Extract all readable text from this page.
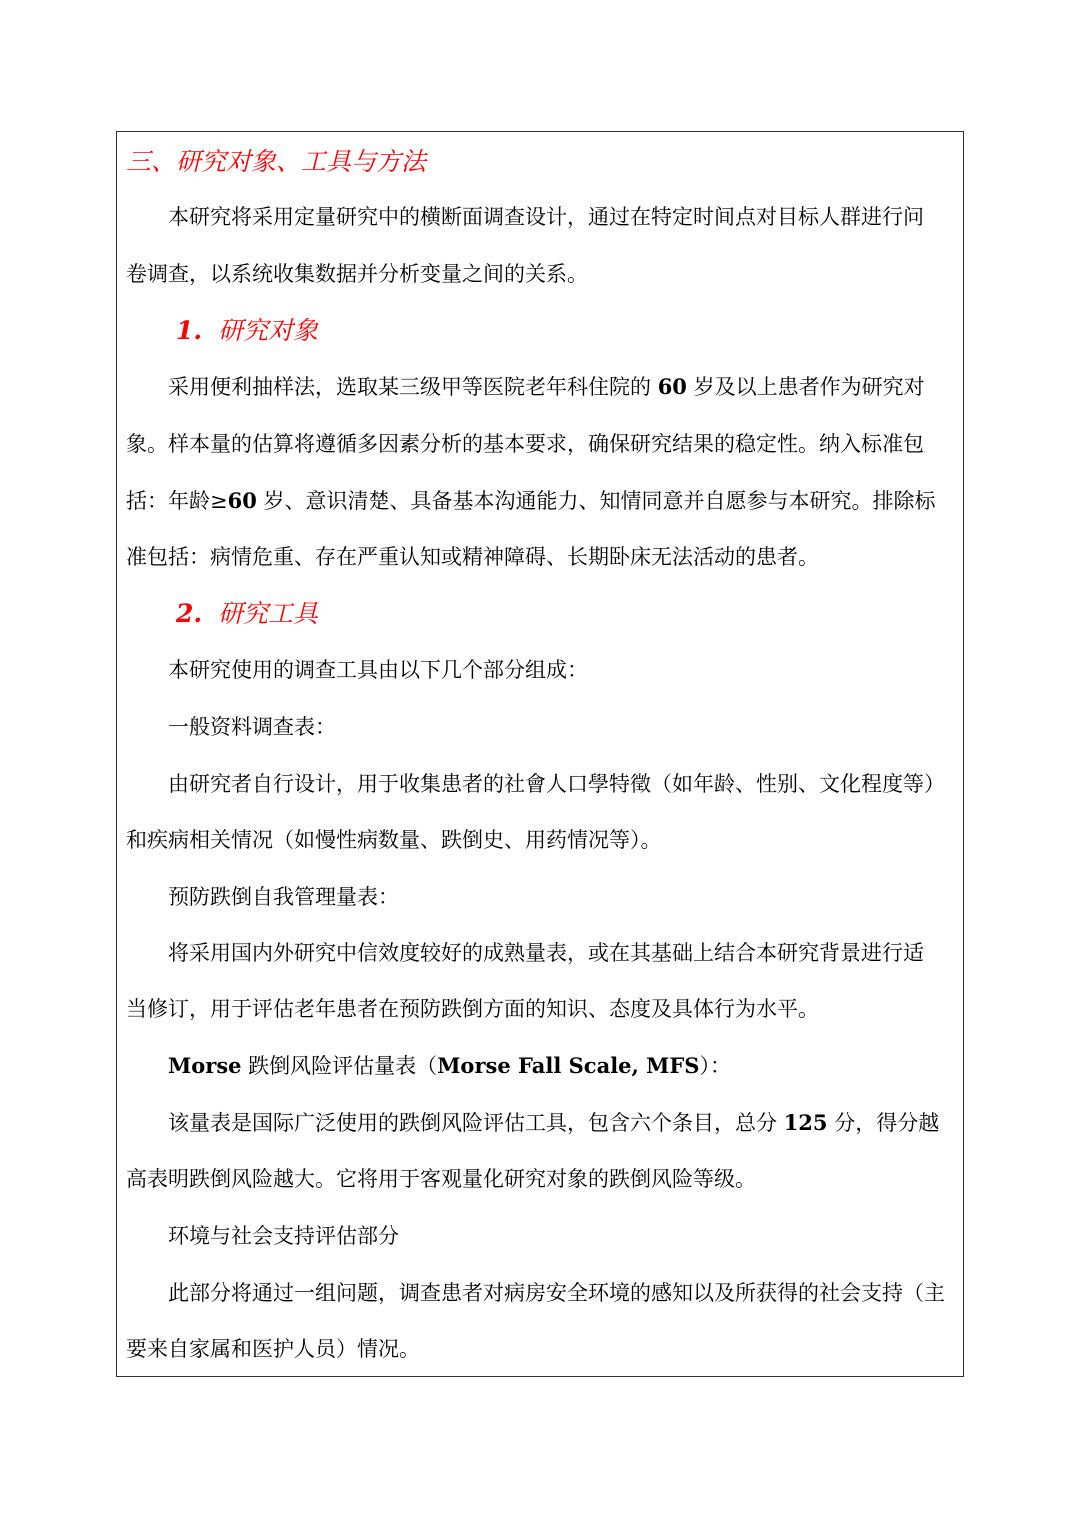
三、研究对象、工具与方法
本研究将采用定量研究中的横断面调查设计，通过在特定时间点对目标人群进行问
卷调查，以系统收集数据并分析变量之间的关系。
1. 研究对象
采用便利抽样法，选取某三级甲等医院老年科住院的 60 岁及以上患者作为研究对
象。样本量的估算将遵循多因素分析的基本要求，确保研究结果的稳定性。纳入标准包
括：年龄≥60 岁、意识清楚、具备基本沟通能力、知情同意并自愿参与本研究。排除标
准包括：病情危重、存在严重认知或精神障碍、长期卧床无法活动的患者。
2. 研究工具
本研究使用的调查工具由以下几个部分组成：
一般资料调查表：
由研究者自行设计，用于收集患者的社會人口學特徵（如年龄、性别、文化程度等）
和疾病相关情况（如慢性病数量、跌倒史、用药情况等）。
预防跌倒自我管理量表：
将采用国内外研究中信效度较好的成熟量表，或在其基础上结合本研究背景进行适
当修订，用于评估老年患者在预防跌倒方面的知识、态度及具体行为水平。
Morse 跌倒风险评估量表（Morse Fall Scale, MFS）：
该量表是国际广泛使用的跌倒风险评估工具，包含六个条目，总分 125 分，得分越
高表明跌倒风险越大。它将用于客观量化研究对象的跌倒风险等级。
环境与社会支持评估部分
此部分将通过一组问题，调查患者对病房安全环境的感知以及所获得的社会支持（主
要来自家属和医护人员）情况。
